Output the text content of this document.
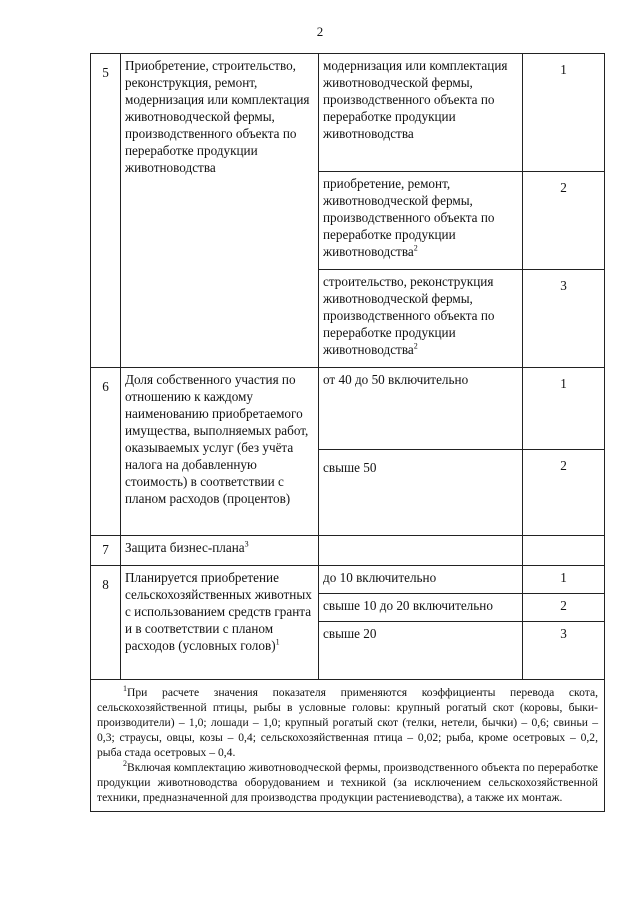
2
5	Приобретение, строительство, реконструкция, ремонт, модернизация или комплектация животноводческой фермы, производственного объекта по переработке продукции животноводства	модернизация или комплектация животноводческой фермы, производственного объекта по переработке продукции животноводства	1
		приобретение, ремонт, животноводческой фермы, производственного объекта по переработке продукции животноводства$^2$	2
		строительство, реконструкция животноводческой фермы, производственного объекта по переработке продукции животноводства$^2$	3
6	Доля собственного участия по отношению к каждому наименованию приобретаемого имущества, выполняемых работ, оказываемых услуг (без учёта налога на добавленную стоимость) в соответствии с планом расходов (процентов)	от 40 до 50 включительно	1
		свыше 50	2
7	Защита бизнес-плана$^3$		
8	Планируется приобретение сельскохозяйственных животных с использованием средств гранта и в соответствии с планом расходов (условных голов)$^1$	до 10 включительно	1
		свыше 10 до 20 включительно	2
		свыше 20	3

$^1$При расчете значения показателя применяются коэффициенты перевода скота, сельскохозяйственной птицы, рыбы в условные головы: крупный рогатый скот (коровы, быки-производители) – 1,0; лошади – 1,0; крупный рогатый скот (телки, нетели, бычки) – 0,6; свиньи – 0,3; страусы, овцы, козы – 0,4; сельскохозяйственная птица – 0,02; рыба, кроме осетровых – 0,2, рыба стада осетровых – 0,4.

$^2$Включая комплектацию животноводческой фермы, производственного объекта по переработке продукции животноводства оборудованием и техникой (за исключением сельскохозяйственной техники, предназначенной для производства продукции растениеводства), а также их монтаж.			
